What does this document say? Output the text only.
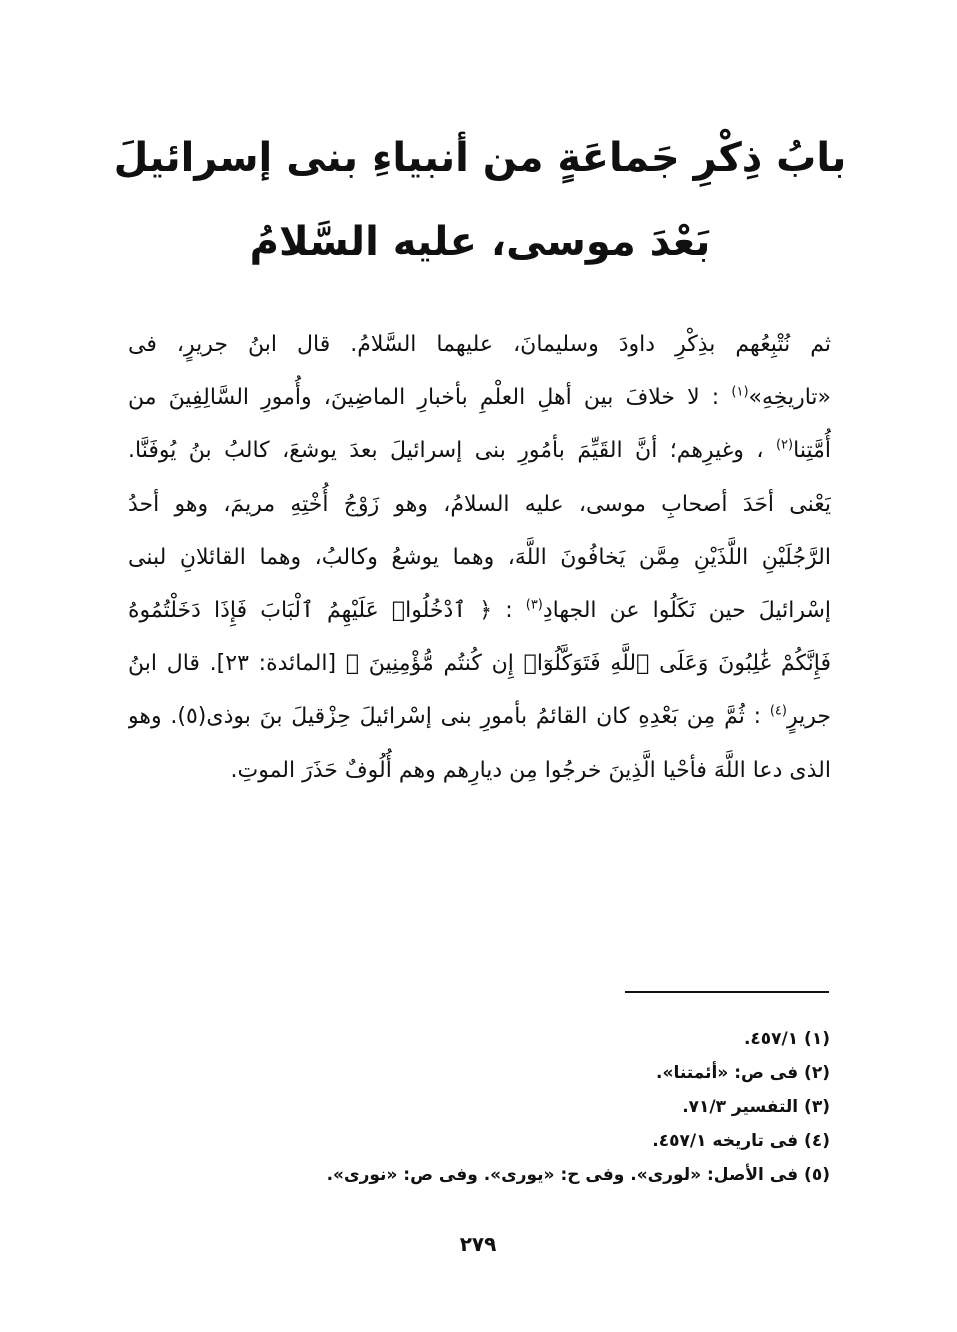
بابُ ذِكْرِ جَماعَةٍ من أنبياءِ بنى إسرائيلَ
بَعْدَ موسى، عليه السَّلامُ
ثم نُتْبِعُهم بذِكْرِ داودَ وسليمانَ، عليهما السَّلامُ. قال ابنُ جريرٍ، فى
«تاريخِهِ»$^{(١)}$ : لا خلافَ بين أهلِ العلْمِ بأخبارِ الماضِينَ، وأُمورِ السَّالِفِينَ من
أُمَّتِنا$^{(٢)}$ ، وغيرِهم؛ أنَّ القَيِّمَ بأمُورِ بنى إسرائيلَ بعدَ يوشعَ، كالبُ بنُ يُوفَنَّا.
يَعْنى أحَدَ أصحابِ موسى، عليه السلامُ، وهو زَوْجُ أُخْتِهِ مريمَ، وهو أحدُ
الرَّجُلَيْنِ اللَّذَيْنِ مِمَّن يَخافُونَ اللَّهَ، وهما يوشعُ وكالبُ، وهما القائلانِ لبنى
إسْرائيلَ حين نَكَلُوا عن الجهادِ$^{(٣)}$ : ﴿ ٱدْخُلُوا۟ عَلَيْهِمُ ٱلْبَابَ فَإِذَا دَخَلْتُمُوهُ
فَإِنَّكُمْ غَٰلِبُونَ وَعَلَى ٱللَّهِ فَتَوَكَّلُوٓا۟ إِن كُنتُم مُّؤْمِنِينَ ﴾ [المائدة: ٢٣]. قال ابنُ
جريرٍ$^{(٤)}$ : ثُمَّ مِن بَعْدِهِ كان القائمُ بأمورِ بنى إسْرائيلَ حِزْقيلَ بنَ بوذى(٥). وهو
الذى دعا اللَّهَ فأحْيا الَّذِينَ خرجُوا مِن ديارِهم وهم أُلُوفٌ حَذَرَ الموتِ.
(١) ٤٥٧/١.
(٢) فى ص: «أئمتنا».
(٣) التفسير ٧١/٣.
(٤) فى تاريخه ٤٥٧/١.
(٥) فى الأصل: «لورى». وفى ح: «يورى». وفى ص: «نورى».
٢٧٩
